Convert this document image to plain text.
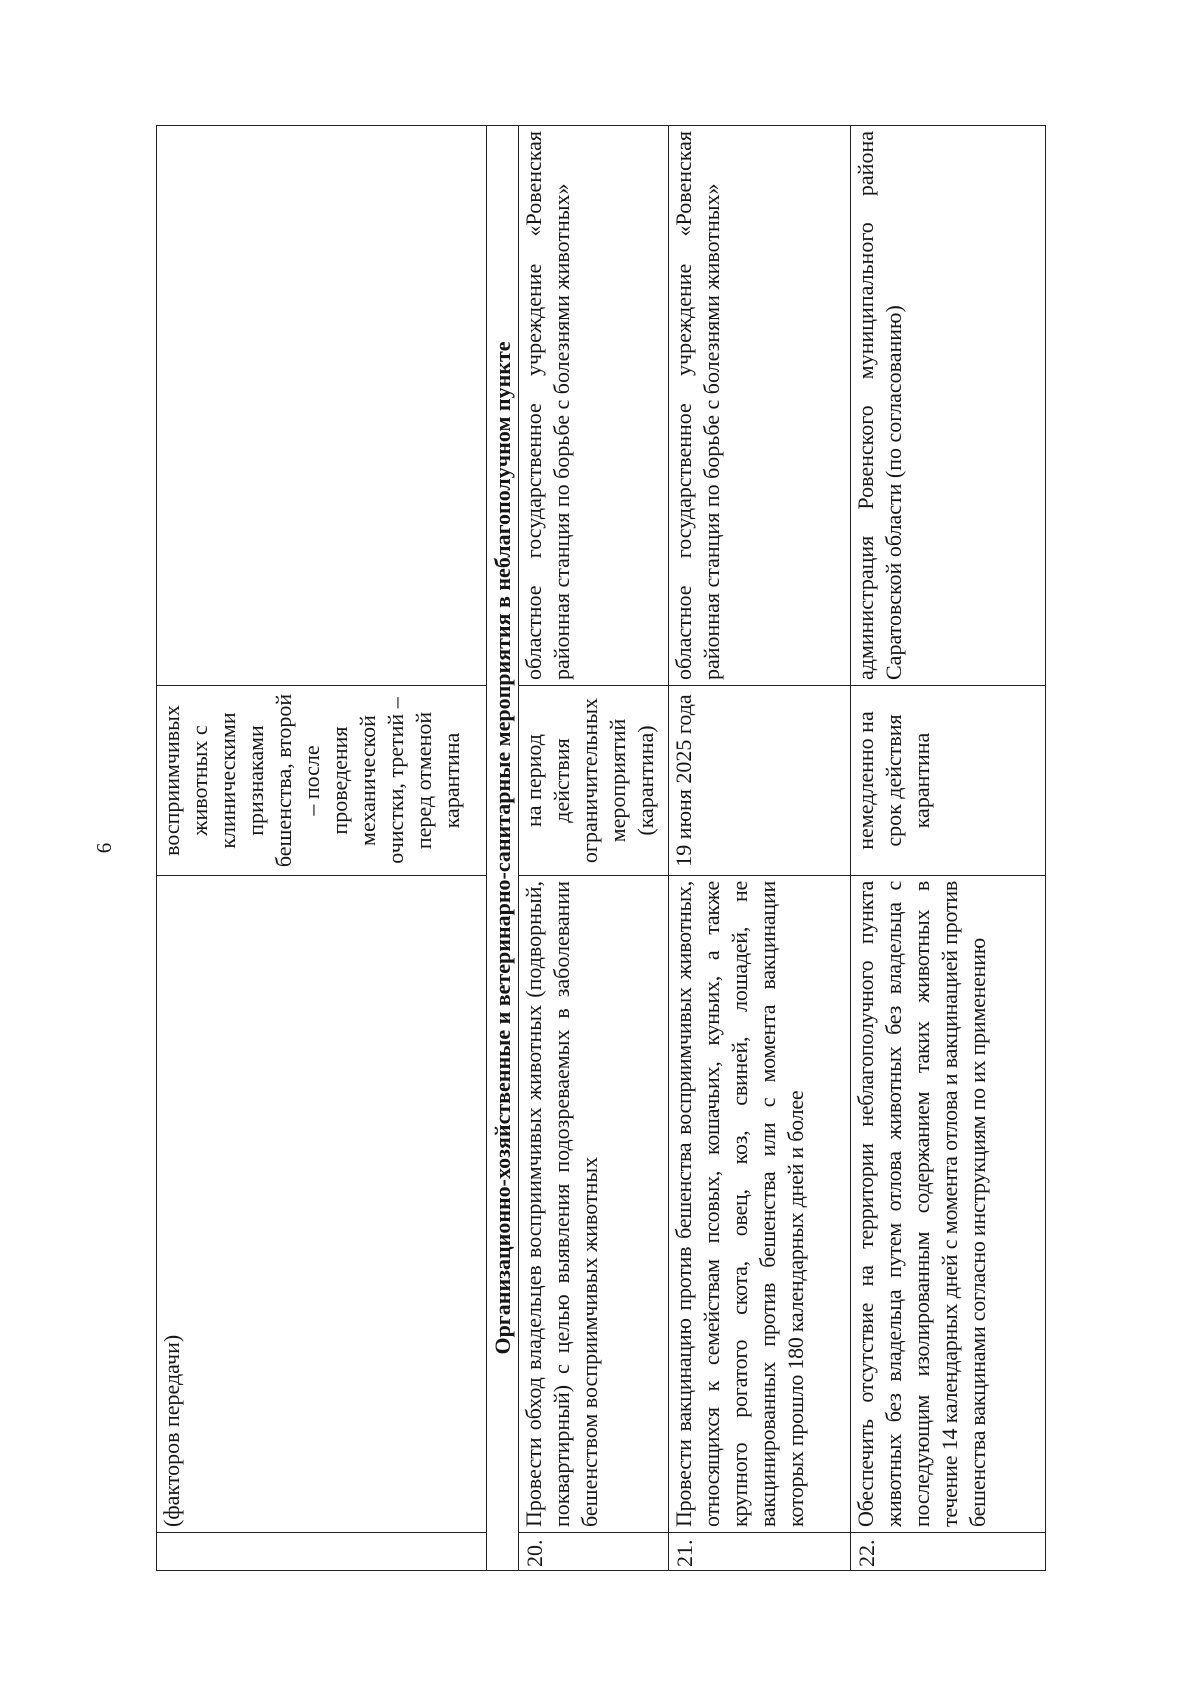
6
	(факторов передачи)	восприимчивых животных с клиническими признаками бешенства, второй – после проведения механической очистки, третий – перед отменой карантина	
Организационно-хозяйственные и ветеринарно-санитарные мероприятия в неблагополучном пункте			
20.	Провести обход владельцев восприимчивых животных (подворный, поквартирный) с целью выявления подозреваемых в заболевании бешенством восприимчивых животных	на период действия ограничительных мероприятий (карантина)	областное государственное учреждение «Ровенская районная станция по борьбе с болезнями животных»
21.	Провести вакцинацию против бешенства восприимчивых животных, относящихся к семействам псовых, кошачьих, куньих, а также крупного рогатого скота, овец, коз, свиней, лошадей, не вакцинированных против бешенства или с момента вакцинации которых прошло 180 календарных дней и более	19 июня 2025 года	областное государственное учреждение «Ровенская районная станция по борьбе с болезнями животных»
22.	Обеспечить отсутствие на территории неблагополучного пункта животных без владельца путем отлова животных без владельца с последующим изолированным содержанием таких животных в течение 14 календарных дней с момента отлова и вакцинацией против бешенства вакцинами согласно инструкциям по их применению	немедленно на срок действия карантина	администрация Ровенского муниципального района Саратовской области (по согласованию)
